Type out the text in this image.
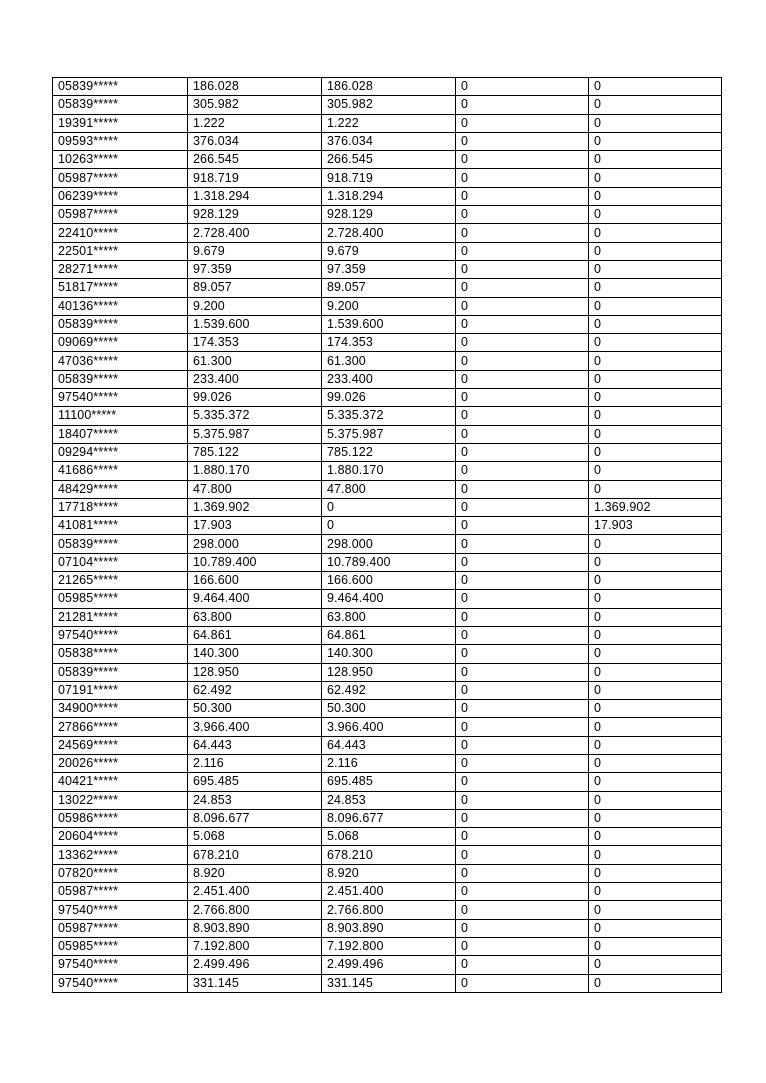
05839*****	186.028	186.028	0	0
05839*****	305.982	305.982	0	0
19391*****	1.222	1.222	0	0
09593*****	376.034	376.034	0	0
10263*****	266.545	266.545	0	0
05987*****	918.719	918.719	0	0
06239*****	1.318.294	1.318.294	0	0
05987*****	928.129	928.129	0	0
22410*****	2.728.400	2.728.400	0	0
22501*****	9.679	9.679	0	0
28271*****	97.359	97.359	0	0
51817*****	89.057	89.057	0	0
40136*****	9.200	9.200	0	0
05839*****	1.539.600	1.539.600	0	0
09069*****	174.353	174.353	0	0
47036*****	61.300	61.300	0	0
05839*****	233.400	233.400	0	0
97540*****	99.026	99.026	0	0
11100*****	5.335.372	5.335.372	0	0
18407*****	5.375.987	5.375.987	0	0
09294*****	785.122	785.122	0	0
41686*****	1.880.170	1.880.170	0	0
48429*****	47.800	47.800	0	0
17718*****	1.369.902	0	0	1.369.902
41081*****	17.903	0	0	17.903
05839*****	298.000	298.000	0	0
07104*****	10.789.400	10.789.400	0	0
21265*****	166.600	166.600	0	0
05985*****	9.464.400	9.464.400	0	0
21281*****	63.800	63.800	0	0
97540*****	64.861	64.861	0	0
05838*****	140.300	140.300	0	0
05839*****	128.950	128.950	0	0
07191*****	62.492	62.492	0	0
34900*****	50.300	50.300	0	0
27866*****	3.966.400	3.966.400	0	0
24569*****	64.443	64.443	0	0
20026*****	2.116	2.116	0	0
40421*****	695.485	695.485	0	0
13022*****	24.853	24.853	0	0
05986*****	8.096.677	8.096.677	0	0
20604*****	5.068	5.068	0	0
13362*****	678.210	678.210	0	0
07820*****	8.920	8.920	0	0
05987*****	2.451.400	2.451.400	0	0
97540*****	2.766.800	2.766.800	0	0
05987*****	8.903.890	8.903.890	0	0
05985*****	7.192.800	7.192.800	0	0
97540*****	2.499.496	2.499.496	0	0
97540*****	331.145	331.145	0	0
